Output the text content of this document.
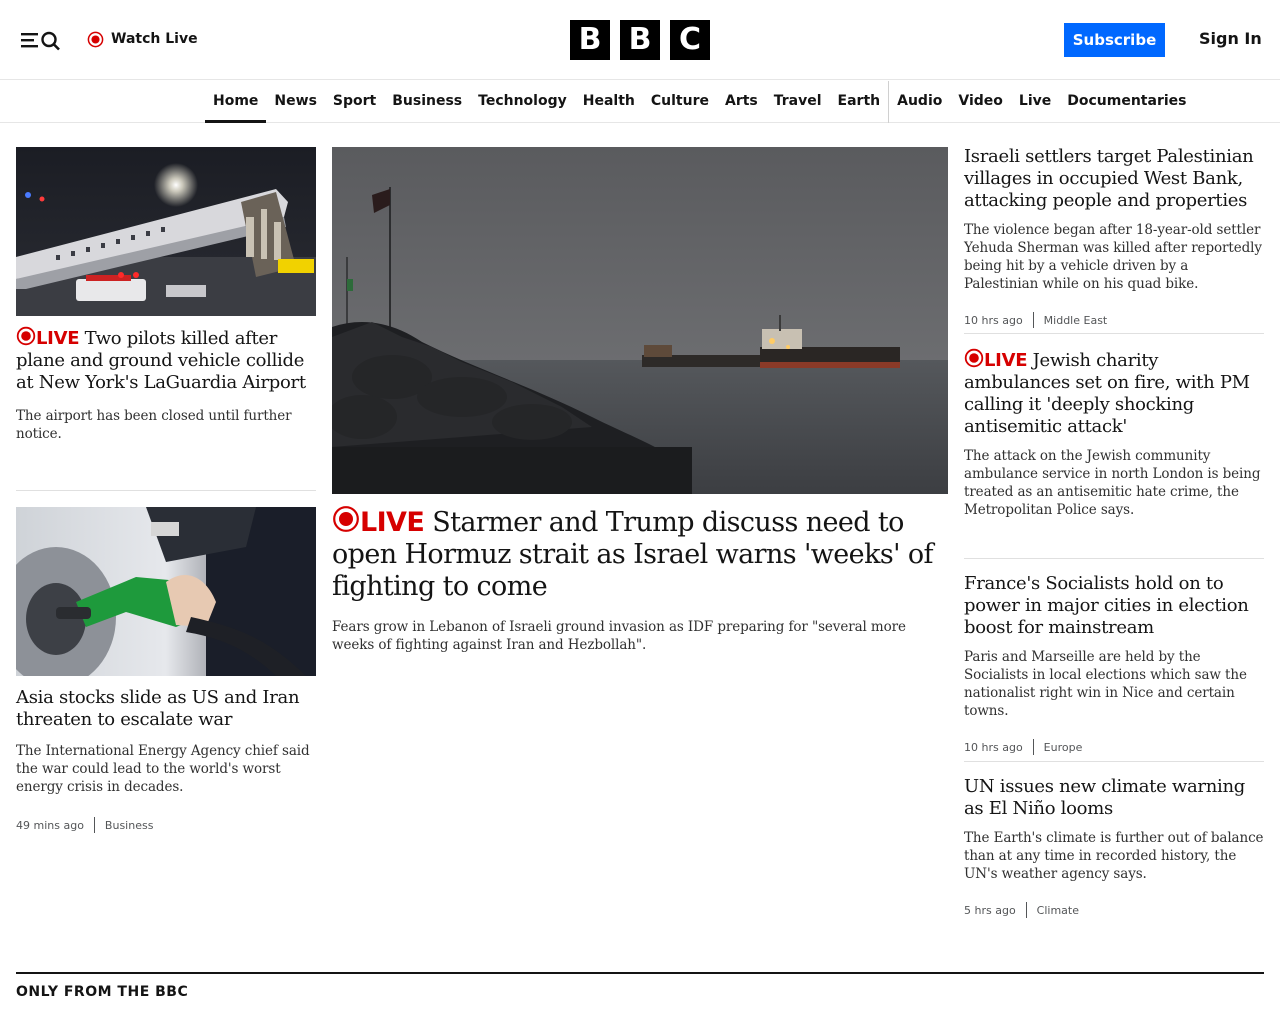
Watch Live	B B C	Subscribe	Sign In
Home	News	Sport	Business	Technology	Health	Culture	Arts	Travel	Earth	Audio	Video	Live	Documentaries
LIVE Two pilots killed after plane and ground vehicle collide at New York's LaGuardia Airport

The airport has been closed until further notice.

Asia stocks slide as US and Iran threaten to escalate war

The International Energy Agency chief said the war could lead to the world's worst energy crisis in decades.

49 mins ago Business
LIVE Starmer and Trump discuss need to open Hormuz strait as Israel warns 'weeks' of fighting to come

Fears grow in Lebanon of Israeli ground invasion as IDF preparing for "several more weeks of fighting against Iran and Hezbollah".

Israeli settlers target Palestinian villages in occupied West Bank, attacking people and properties

The violence began after 18-year-old settler Yehuda Sherman was killed after reportedly being hit by a vehicle driven by a Palestinian while on his quad bike.

10 hrs ago Middle East
LIVE Jewish charity ambulances set on fire, with PM calling it 'deeply shocking antisemitic attack'

The attack on the Jewish community ambulance service in north London is being treated as an antisemitic hate crime, the Metropolitan Police says.

France's Socialists hold on to power in major cities in election boost for mainstream

Paris and Marseille are held by the Socialists in local elections which saw the nationalist right win in Nice and certain towns.

10 hrs ago Europe
UN issues new climate warning as El Niño looms

The Earth's climate is further out of balance than at any time in recorded history, the UN's weather agency says.

5 hrs ago Climate
ONLY FROM THE BBC
